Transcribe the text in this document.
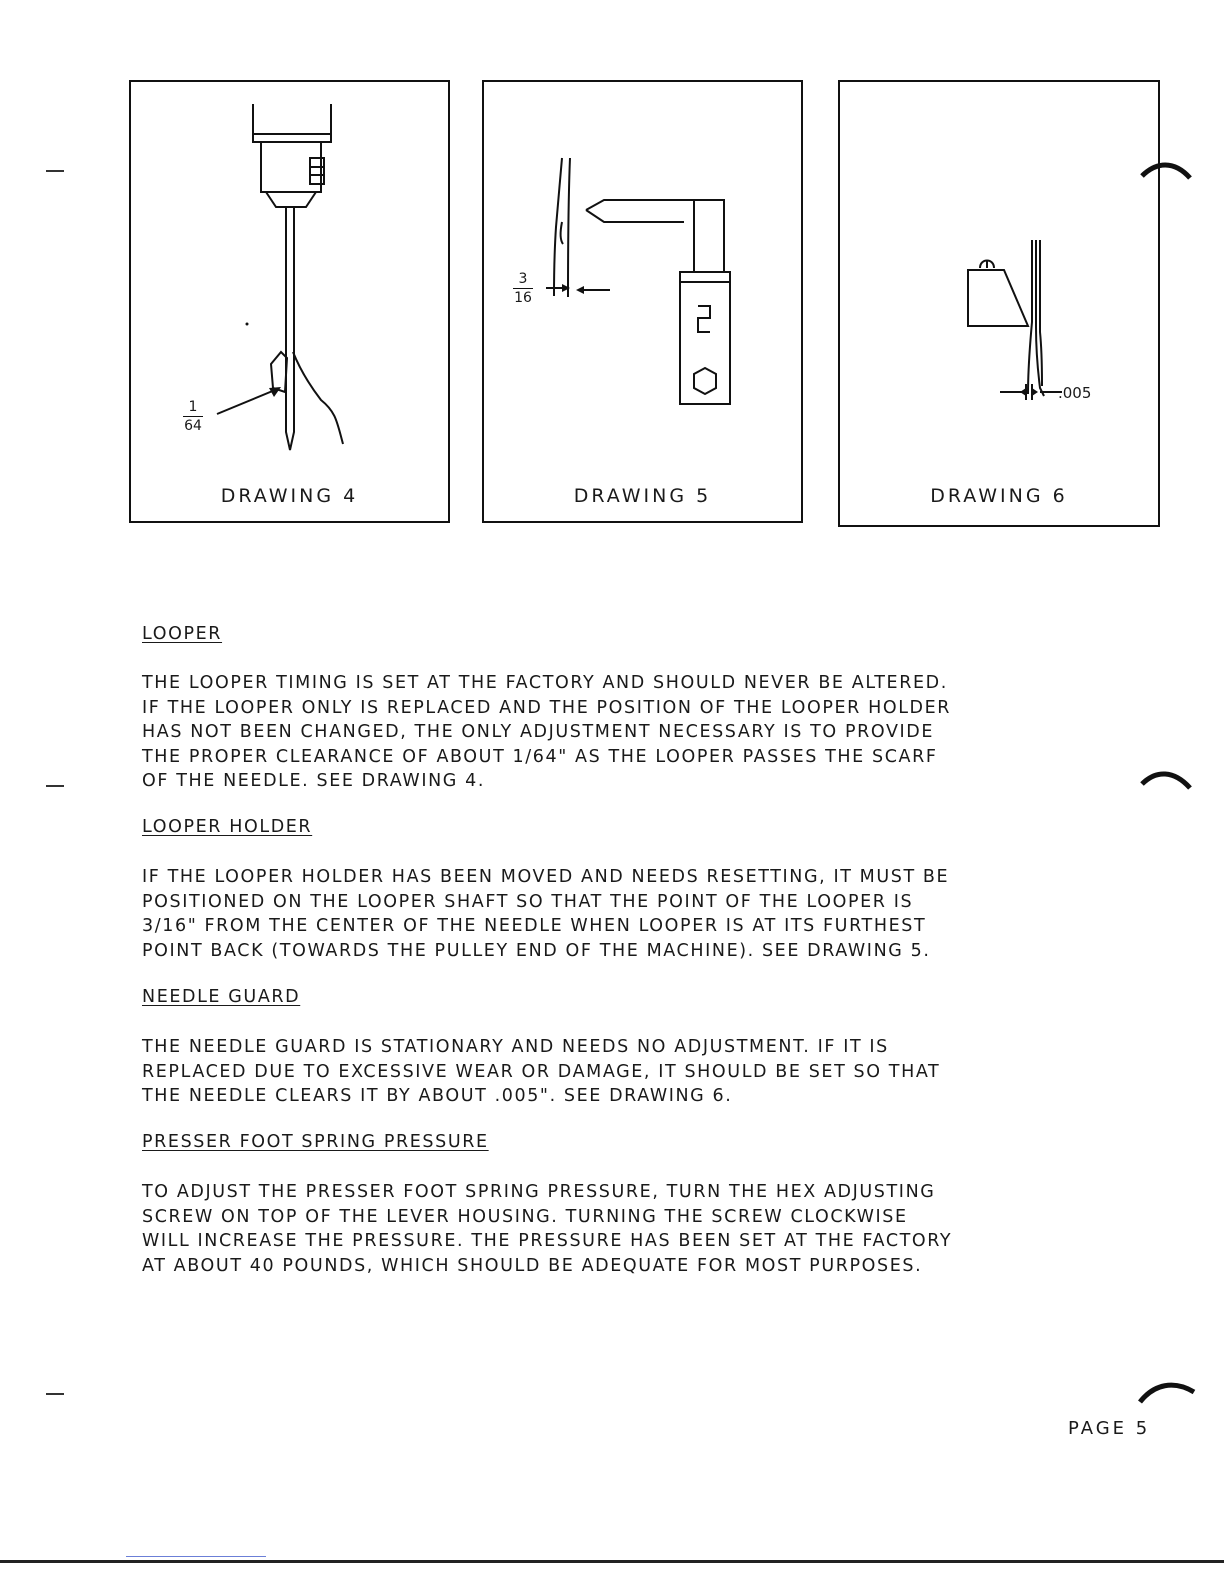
1
64
DRAWING 4
3
16
DRAWING 5
.005
DRAWING 6
LOOPER
THE LOOPER TIMING IS SET AT THE FACTORY AND SHOULD NEVER BE ALTERED.
IF THE LOOPER ONLY IS REPLACED AND THE POSITION OF THE LOOPER HOLDER
HAS NOT BEEN CHANGED, THE ONLY ADJUSTMENT NECESSARY IS TO PROVIDE
THE PROPER CLEARANCE OF ABOUT 1/64" AS THE LOOPER PASSES THE SCARF
OF THE NEEDLE. SEE DRAWING 4.
LOOPER HOLDER
IF THE LOOPER HOLDER HAS BEEN MOVED AND NEEDS RESETTING, IT MUST BE
POSITIONED ON THE LOOPER SHAFT SO THAT THE POINT OF THE LOOPER IS
3/16" FROM THE CENTER OF THE NEEDLE WHEN LOOPER IS AT ITS FURTHEST
POINT BACK (TOWARDS THE PULLEY END OF THE MACHINE). SEE DRAWING 5.
NEEDLE GUARD
THE NEEDLE GUARD IS STATIONARY AND NEEDS NO ADJUSTMENT. IF IT IS
REPLACED DUE TO EXCESSIVE WEAR OR DAMAGE, IT SHOULD BE SET SO THAT
THE NEEDLE CLEARS IT BY ABOUT .005". SEE DRAWING 6.
PRESSER FOOT SPRING PRESSURE
TO ADJUST THE PRESSER FOOT SPRING PRESSURE, TURN THE HEX ADJUSTING
SCREW ON TOP OF THE LEVER HOUSING. TURNING THE SCREW CLOCKWISE
WILL INCREASE THE PRESSURE. THE PRESSURE HAS BEEN SET AT THE FACTORY
AT ABOUT 40 POUNDS, WHICH SHOULD BE ADEQUATE FOR MOST PURPOSES.
PAGE 5
